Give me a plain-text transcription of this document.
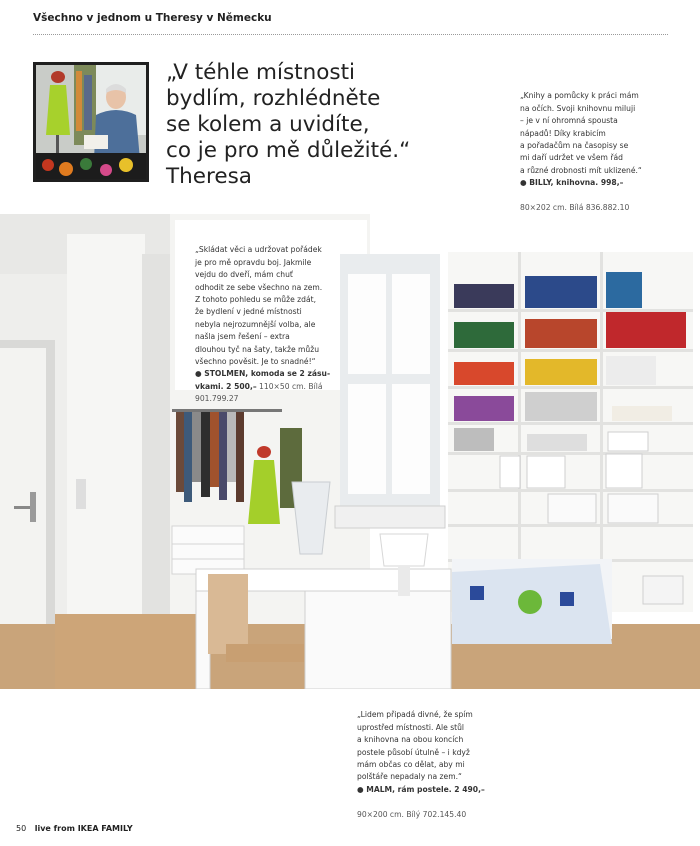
Všechno v jednom u Theresy v Německu
„V téhle místnosti
bydlím, rozhlédněte
se kolem a uvidíte,
co je pro mě důležité.“
Theresa

„Knihy a pomůcky k práci mám
na očích. Svoji knihovnu miluji
– je v ní ohromná spousta
nápadů! Díky krabicím
a pořadačům na časopisy se
mi daří udržet ve všem řád
a různé drobnosti mít uklizené.“

● BILLY, knihovna. 998,–

80×202 cm. Bílá 836.882.10

„Skládat věci a udržovat pořádek
je pro mě opravdu boj. Jakmile
vejdu do dveří, mám chuť
odhodit ze sebe všechno na zem.
Z tohoto pohledu se může zdát,
že bydlení v jedné místnosti
nebyla nejrozumnější volba, ale
našla jsem řešení – extra
dlouhou tyč na šaty, takže můžu
všechno pověsit. Je to snadné!“

● STOLMEN, komoda se 2 zásu-
vkami. 2 500,– 110×50 cm. Bílá
901.799.27

„Lidem připadá divné, že spím
uprostřed místnosti. Ale stůl
a knihovna na obou koncích
postele působí útulně – i když
mám občas co dělat, aby mi
polštáře nepadaly na zem.“

● MALM, rám postele. 2 490,–

90×200 cm. Bílý 702.145.40

50 live from IKEA FAMILY
